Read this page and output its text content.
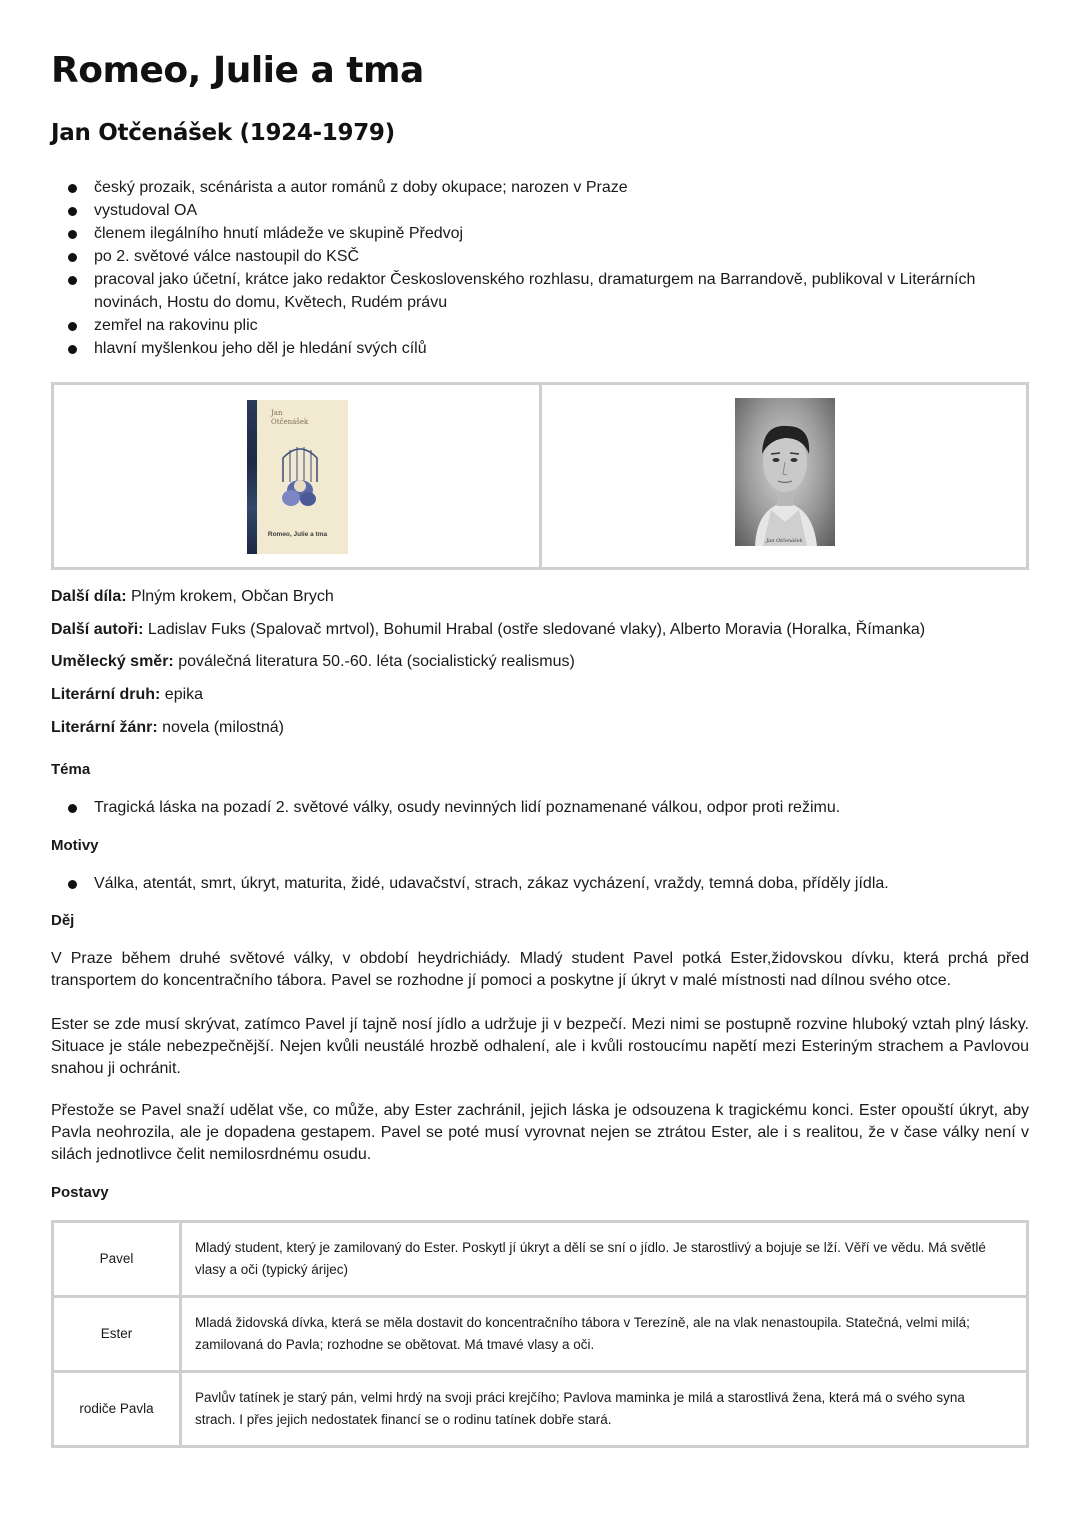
Romeo, Julie a tma
Jan Otčenášek (1924-1979)
český prozaik, scénárista a autor románů z doby okupace; narozen v Praze
vystudoval OA
členem ilegálního hnutí mládeže ve skupině Předvoj
po 2. světové válce nastoupil do KSČ
pracoval jako účetní, krátce jako redaktor Československého rozhlasu, dramaturgem na Barrandově, publikoval v Literárních novinách, Hostu do domu, Květech, Rudém právu
zemřel na rakovinu plic
hlavní myšlenkou jeho děl je hledání svých cílů
Jan Otčenášek
Romeo, Julie a tma
Jan Otčenášek
Další díla: Plným krokem, Občan Brych
Další autoři: Ladislav Fuks (Spalovač mrtvol), Bohumil Hrabal (ostře sledované vlaky), Alberto Moravia (Horalka, Římanka)
Umělecký směr: poválečná literatura 50.-60. léta (socialistický realismus)
Literární druh: epika
Literární žánr: novela (milostná)
Téma
Tragická láska na pozadí 2. světové války, osudy nevinných lidí poznamenané válkou, odpor proti režimu.
Motivy
Válka, atentát, smrt, úkryt, maturita, židé, udavačství, strach, zákaz vycházení, vraždy, temná doba, příděly jídla.
Děj

V Praze během druhé světové války, v období heydrichiády. Mladý student Pavel potká Ester,židovskou dívku, která prchá před transportem do koncentračního tábora. Pavel se rozhodne jí pomoci a poskytne jí úkryt v malé místnosti nad dílnou svého otce.

Ester se zde musí skrývat, zatímco Pavel jí tajně nosí jídlo a udržuje ji v bezpečí. Mezi nimi se postupně rozvine hluboký vztah plný lásky. Situace je stále nebezpečnější. Nejen kvůli neustálé hrozbě odhalení, ale i kvůli rostoucímu napětí mezi Esteriným strachem a Pavlovou snahou ji ochránit.

Přestože se Pavel snaží udělat vše, co může, aby Ester zachránil, jejich láska je odsouzena k tragickému konci. Ester opouští úkryt, aby Pavla neohrozila, ale je dopadena gestapem. Pavel se poté musí vyrovnat nejen se ztrátou Ester, ale i s realitou, že v čase války není v silách jednotlivce čelit nemilosrdnému osudu.

Postavy
Pavel	Mladý student, který je zamilovaný do Ester. Poskytl jí úkryt a dělí se sní o jídlo. Je starostlivý a bojuje se lží. Věří ve vědu. Má světlé vlasy a oči (typický árijec)
Ester	Mladá židovská dívka, která se měla dostavit do koncentračního tábora v Terezíně, ale na vlak nenastoupila. Statečná, velmi milá; zamilovaná do Pavla; rozhodne se obětovat. Má tmavé vlasy a oči.
rodiče Pavla	Pavlův tatínek je starý pán, velmi hrdý na svoji práci krejčího; Pavlova maminka je milá a starostlivá žena, která má o svého syna strach. I přes jejich nedostatek financí se o rodinu tatínek dobře stará.
